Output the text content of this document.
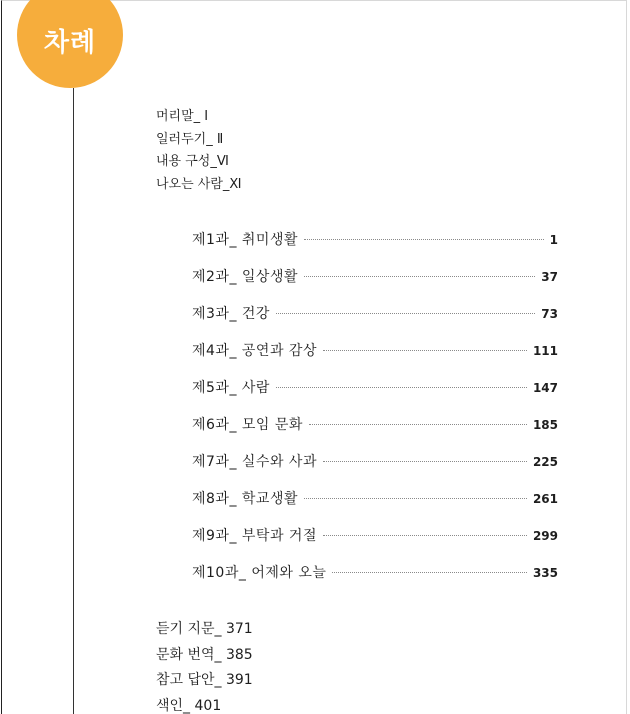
차례
머리말_ Ⅰ
일러두기_ Ⅱ
내용 구성_Ⅵ
나오는 사람_Ⅺ
제1과_ 취미생활	1
제2과_ 일상생활	37
제3과_ 건강	73
제4과_ 공연과 감상	111
제5과_ 사람	147
제6과_ 모임 문화	185
제7과_ 실수와 사과	225
제8과_ 학교생활	261
제9과_ 부탁과 거절	299
제10과_ 어제와 오늘	335
듣기 지문_ 371
문화 번역_ 385
참고 답안_ 391
색인_ 401
